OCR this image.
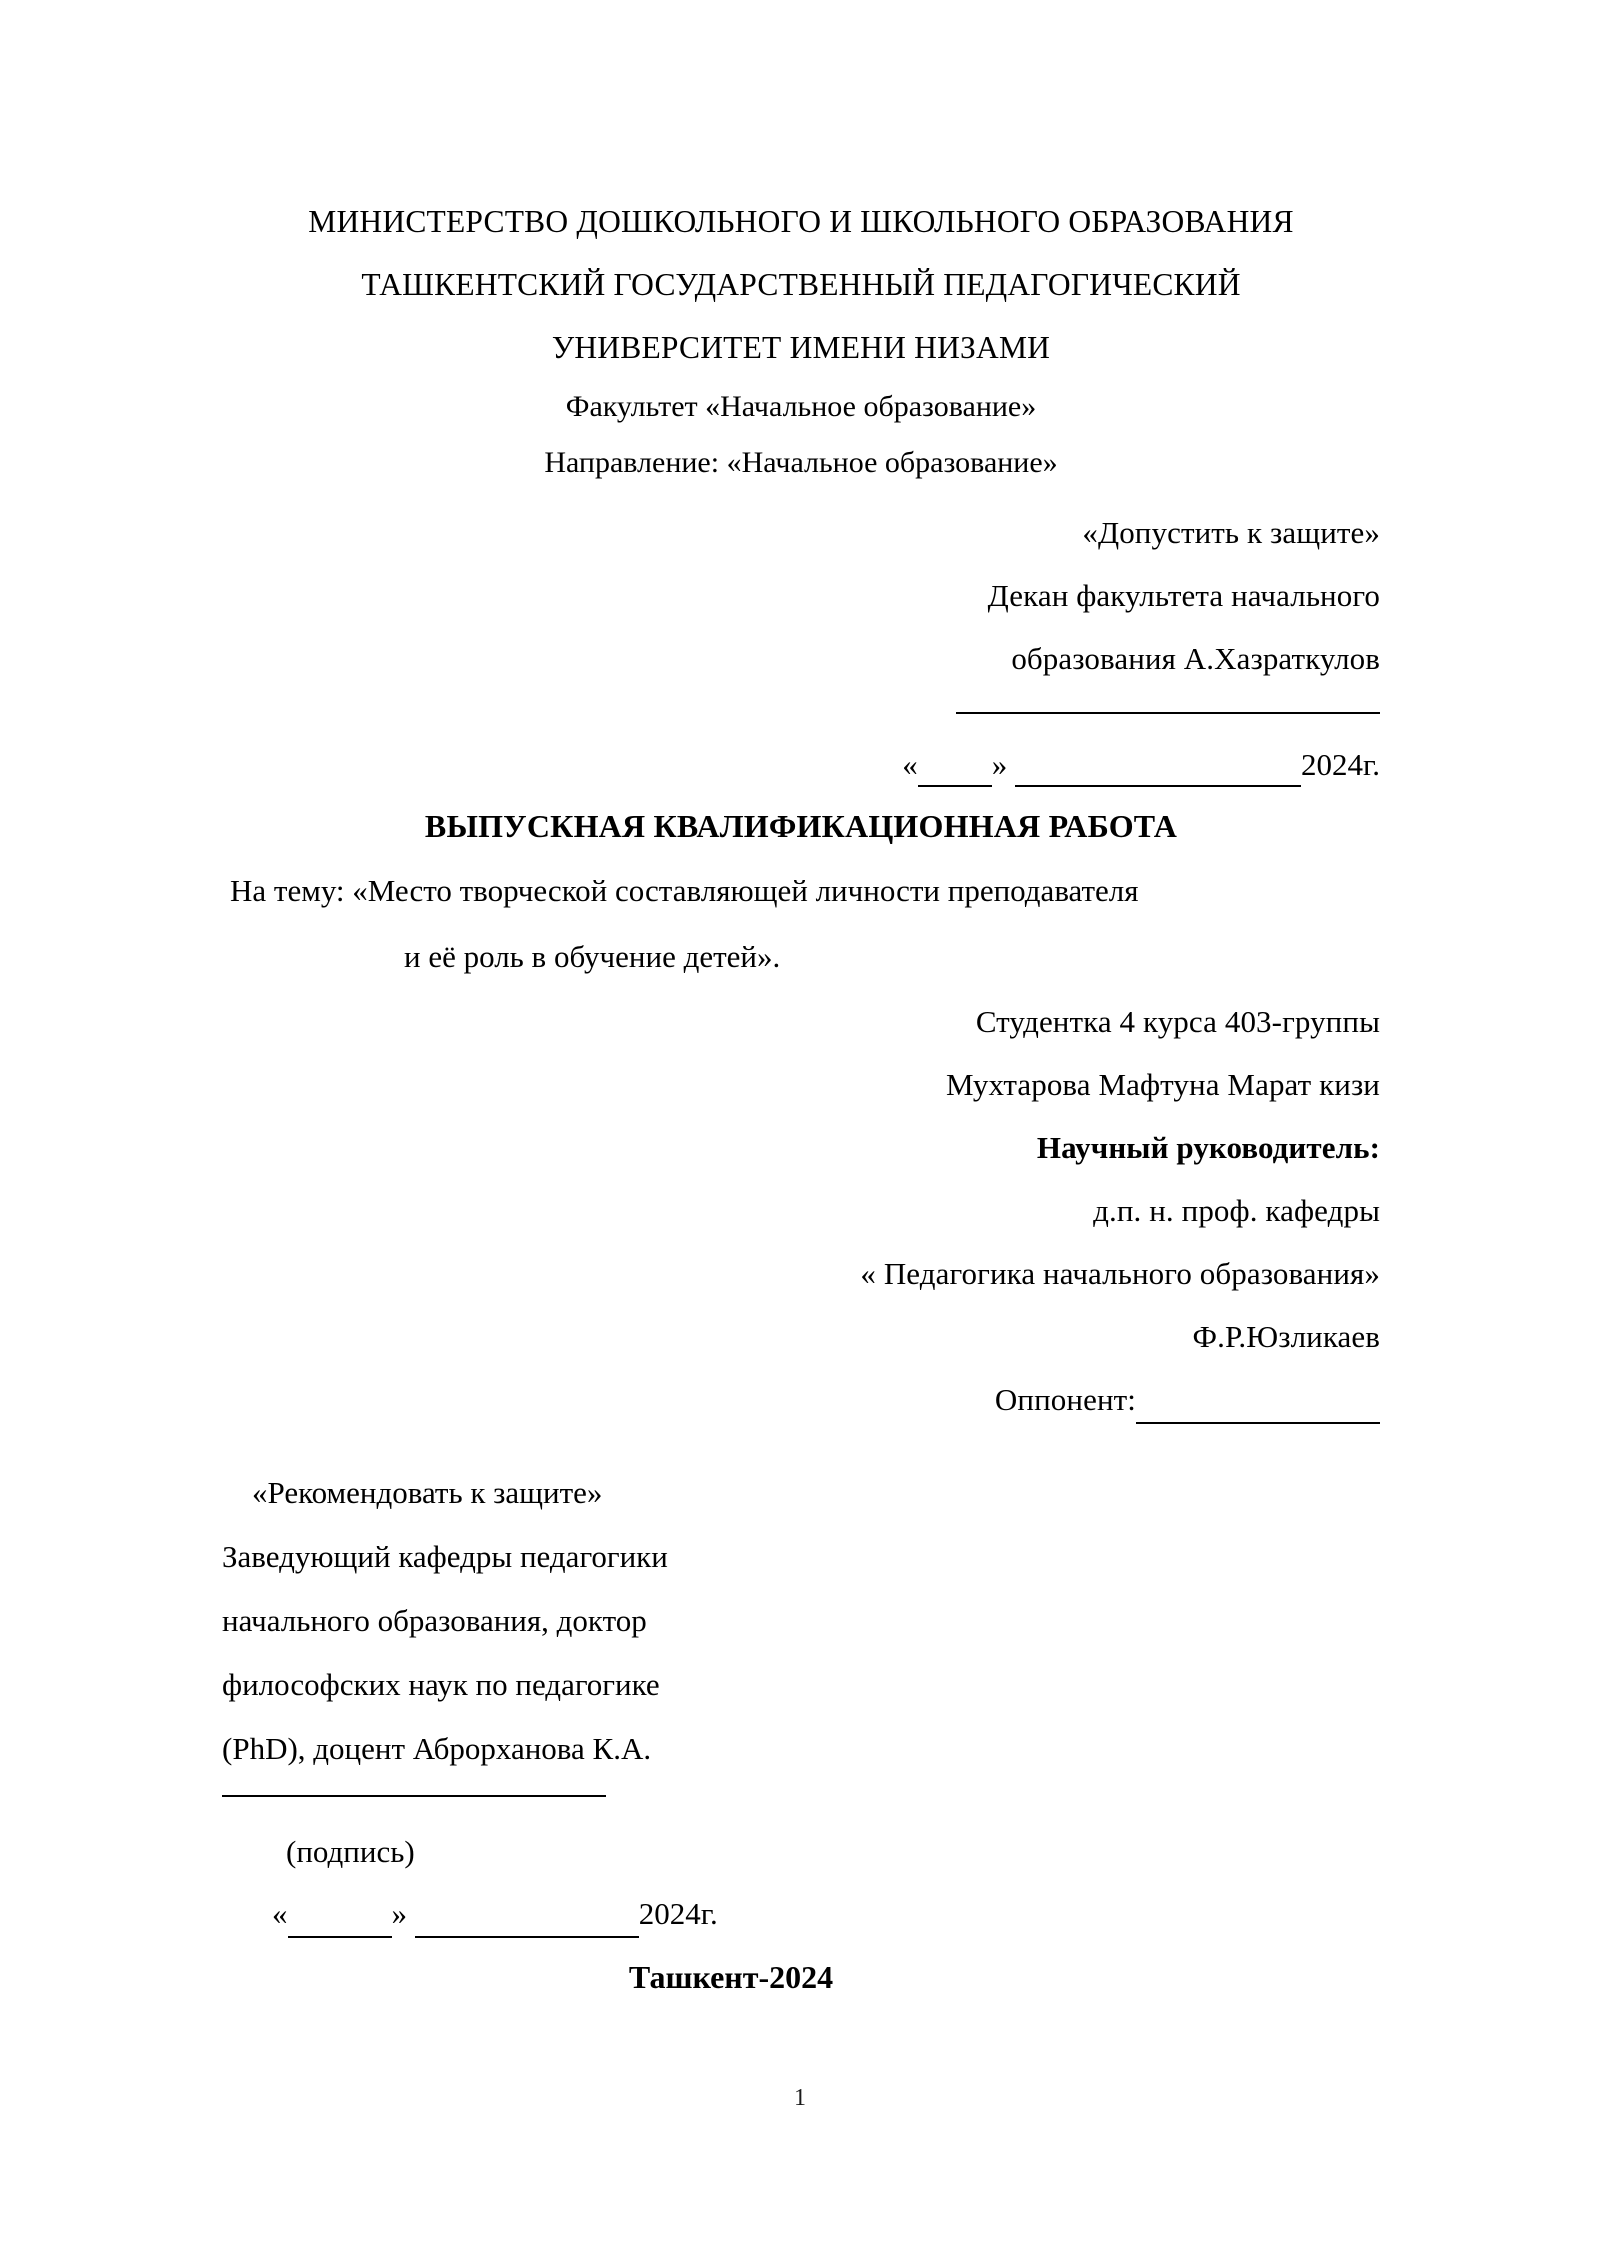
МИНИСТЕРСТВО ДОШКОЛЬНОГО И ШКОЛЬНОГО ОБРАЗОВАНИЯ
ТАШКЕНТСКИЙ ГОСУДАРСТВЕННЫЙ ПЕДАГОГИЧЕСКИЙ
УНИВЕРСИТЕТ ИМЕНИ НИЗАМИ
Факультет «Начальное образование»
Направление: «Начальное образование»
«Допустить к защите»
Декан факультета начального
образования А.Хазраткулов
« »	2024г.
ВЫПУСКНАЯ КВАЛИФИКАЦИОННАЯ РАБОТА
На тему: «Место творческой составляющей личности преподавателя
и её роль в обучение детей».
Студентка 4 курса 403-группы
Мухтарова Мафтуна Марат кизи
Научный руководитель:
д.п. н. проф. кафедры
« Педагогика начального образования»
Ф.Р.Юзликаев
Оппонент:
«Рекомендовать к защите»
Заведующий кафедры педагогики
начального образования, доктор
философских наук по педагогике
(PhD), доцент Аброрханова К.А.
(подпись)
«	»	2024г.
Ташкент-2024
1
